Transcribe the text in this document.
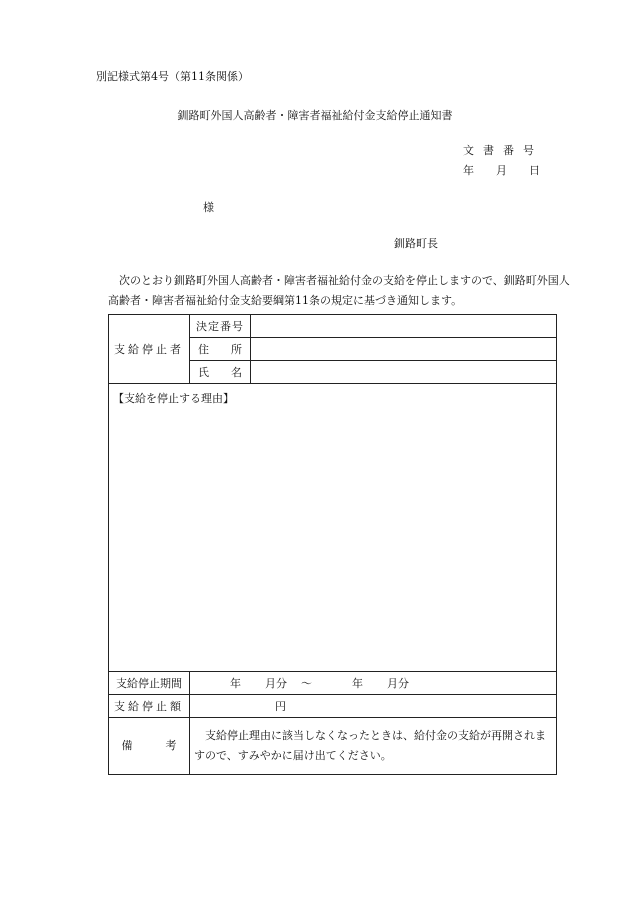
別記様式第4号（第11条関係）
釧路町外国人高齢者・障害者福祉給付金支給停止通知書
文書番号
年 月 日
様
釧路町長
次のとおり釧路町外国人高齢者・障害者福祉給付金の支給を停止しますので、釧路町外国人高齢者・障害者福祉給付金支給要綱第11条の規定に基づき通知します。
支給停止者	決定番号	
	住　　所	
	氏　　名	
【支給を停止する理由】		
支給停止期間	年 月分 ～ 年 月分	
支給停止額	円	
備　　　考	支給停止理由に該当しなくなったときは、給付金の支給が再開されますので、すみやかに届け出てください。	
